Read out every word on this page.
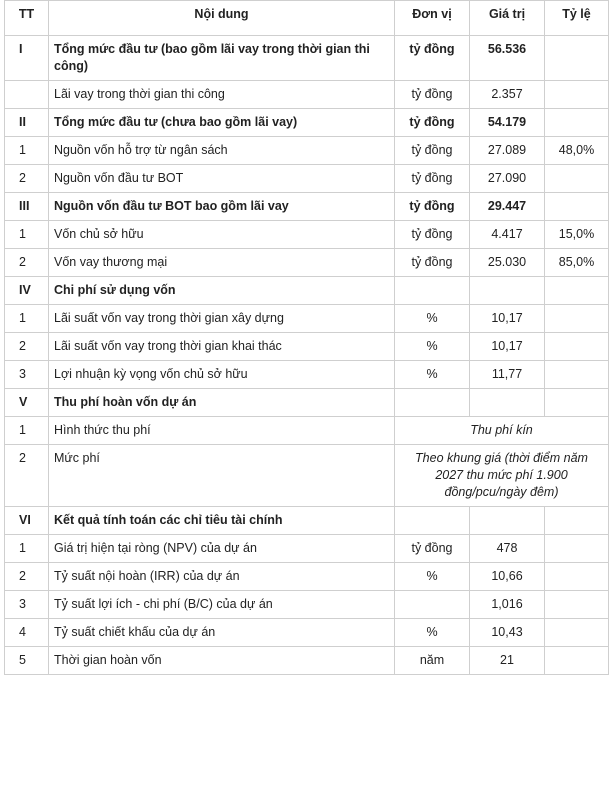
TT	Nội dung	Đơn vị	Giá trị	Tỷ lệ
I	Tổng mức đầu tư (bao gồm lãi vay trong thời gian thi công)	tỷ đồng	56.536	
	Lãi vay trong thời gian thi công	tỷ đồng	2.357	
II	Tổng mức đầu tư (chưa bao gồm lãi vay)	tỷ đồng	54.179	
1	Nguồn vốn hỗ trợ từ ngân sách	tỷ đồng	27.089	48,0%
2	Nguồn vốn đầu tư BOT	tỷ đồng	27.090	
III	Nguồn vốn đầu tư BOT bao gồm lãi vay	tỷ đồng	29.447	
1	Vốn chủ sở hữu	tỷ đồng	4.417	15,0%
2	Vốn vay thương mại	tỷ đồng	25.030	85,0%
IV	Chi phí sử dụng vốn			
1	Lãi suất vốn vay trong thời gian xây dựng	%	10,17	
2	Lãi suất vốn vay trong thời gian khai thác	%	10,17	
3	Lợi nhuận kỳ vọng vốn chủ sở hữu	%	11,77	
V	Thu phí hoàn vốn dự án			
1	Hình thức thu phí	Thu phí kín		
2	Mức phí	Theo khung giá (thời điểm năm 2027 thu mức phí 1.900 đồng/pcu/ngày đêm)		
VI	Kết quả tính toán các chỉ tiêu tài chính			
1	Giá trị hiện tại ròng (NPV) của dự án	tỷ đồng	478	
2	Tỷ suất nội hoàn (IRR) của dự án	%	10,66	
3	Tỷ suất lợi ích - chi phí (B/C) của dự án		1,016	
4	Tỷ suất chiết khấu của dự án	%	10,43	
5	Thời gian hoàn vốn	năm	21	
